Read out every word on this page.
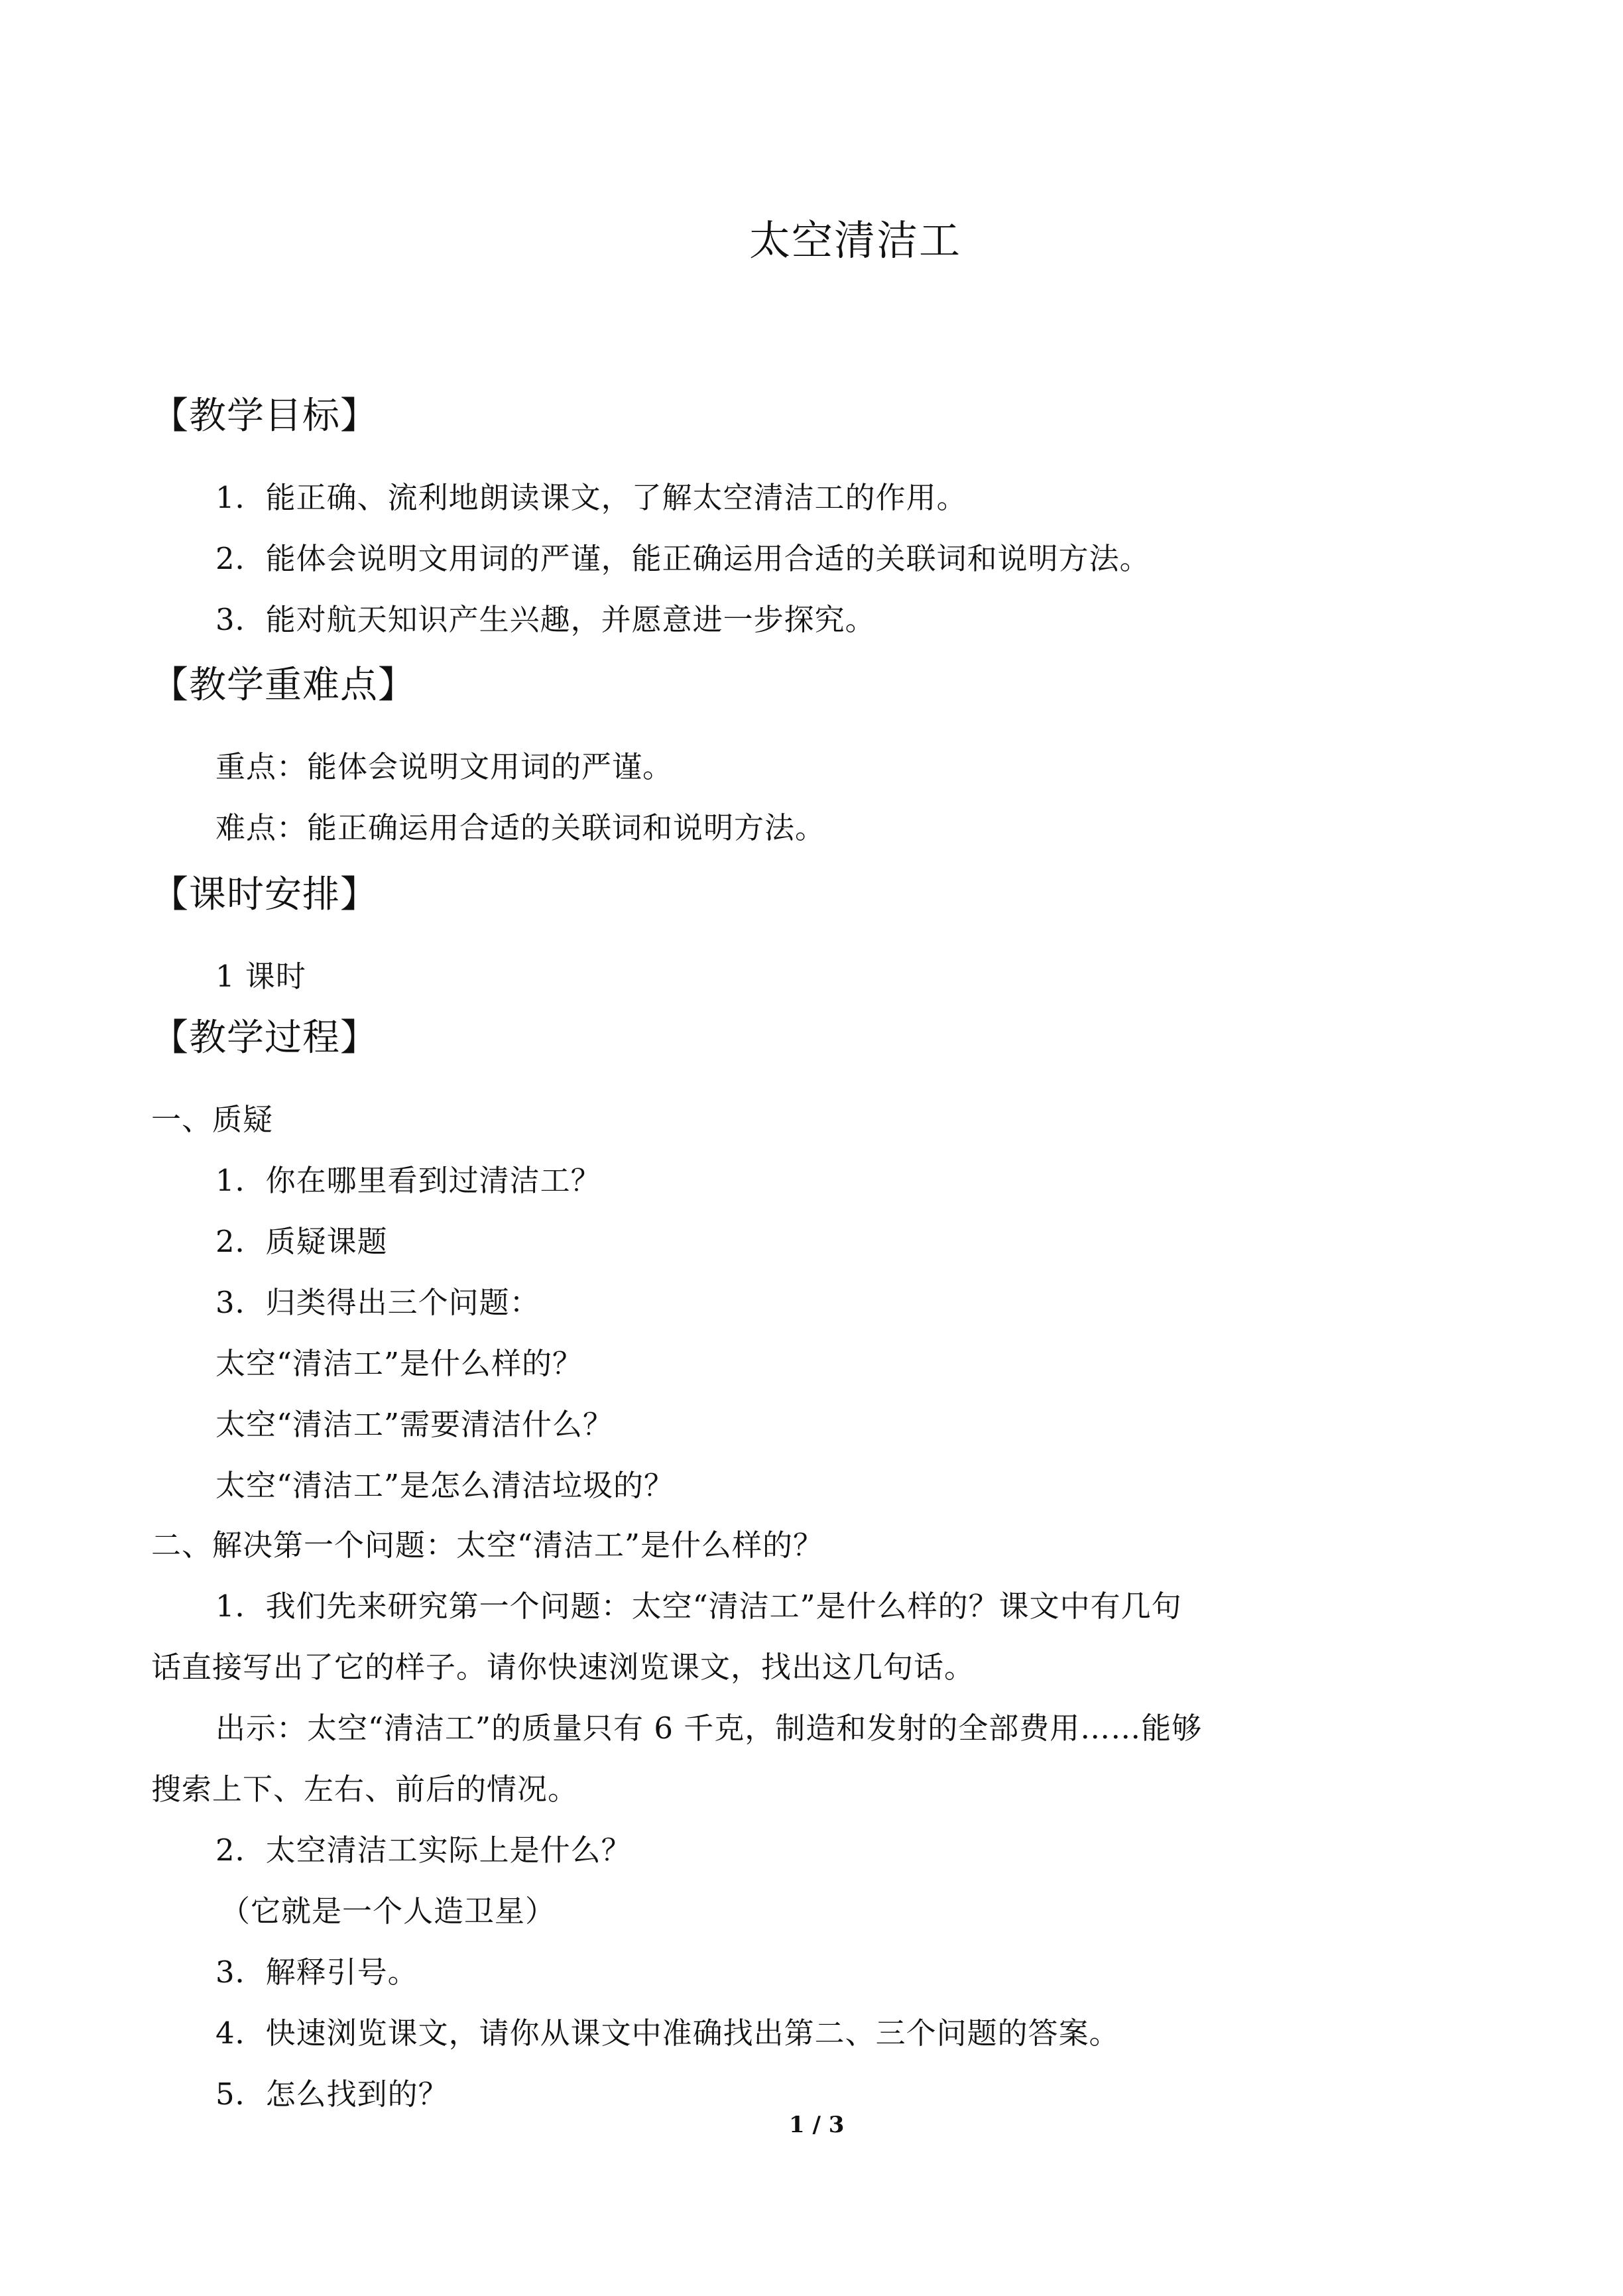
太空清洁工
【教学目标】
1．能正确、流利地朗读课文，了解太空清洁工的作用。
2．能体会说明文用词的严谨，能正确运用合适的关联词和说明方法。
3．能对航天知识产生兴趣，并愿意进一步探究。
【教学重难点】
重点：能体会说明文用词的严谨。
难点：能正确运用合适的关联词和说明方法。
【课时安排】
1 课时
【教学过程】
一、质疑
1．你在哪里看到过清洁工？
2．质疑课题
3．归类得出三个问题：
太空“清洁工”是什么样的？
太空“清洁工”需要清洁什么？
太空“清洁工”是怎么清洁垃圾的？
二、解决第一个问题：太空“清洁工”是什么样的？
1．我们先来研究第一个问题：太空“清洁工”是什么样的？课文中有几句
话直接写出了它的样子。请你快速浏览课文，找出这几句话。
出示：太空“清洁工”的质量只有 6 千克，制造和发射的全部费用……能够
搜索上下、左右、前后的情况。
2．太空清洁工实际上是什么？
（它就是一个人造卫星）
3．解释引号。
4．快速浏览课文，请你从课文中准确找出第二、三个问题的答案。
5．怎么找到的？
1 / 3
